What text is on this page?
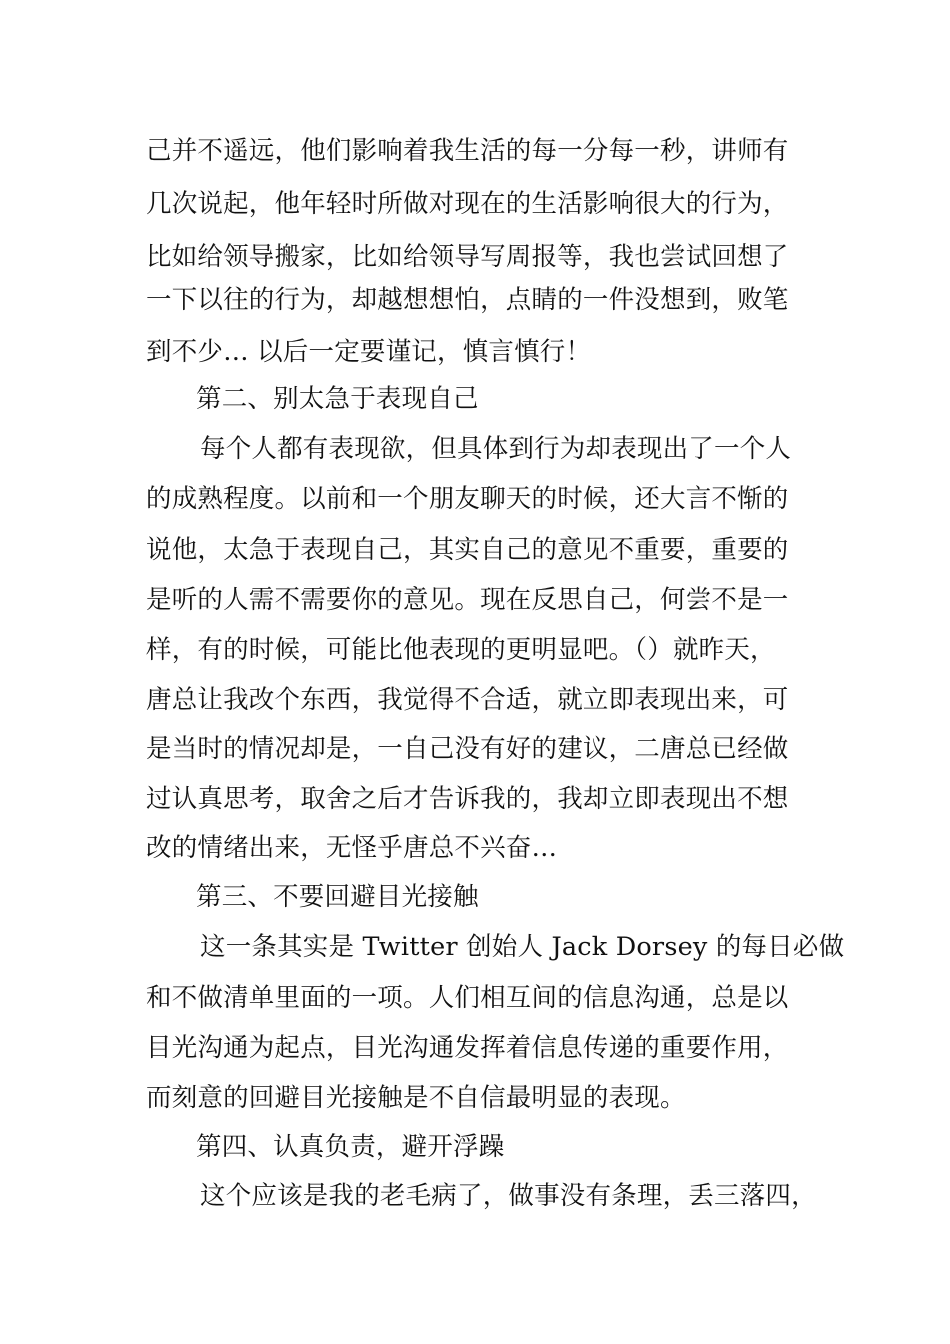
己并不遥远，他们影响着我生活的每一分每一秒，讲师有
几次说起，他年轻时所做对现在的生活影响很大的行为，
比如给领导搬家，比如给领导写周报等，我也尝试回想了
一下以往的行为，却越想想怕，点睛的一件没想到，败笔
到不少… 以后一定要谨记，慎言慎行！
第二、别太急于表现自己
每个人都有表现欲，但具体到行为却表现出了一个人
的成熟程度。以前和一个朋友聊天的时候，还大言不惭的
说他，太急于表现自己，其实自己的意见不重要，重要的
是听的人需不需要你的意见。现在反思自己，何尝不是一
样，有的时候，可能比他表现的更明显吧。（）就昨天，
唐总让我改个东西，我觉得不合适，就立即表现出来，可
是当时的情况却是，一自己没有好的建议，二唐总已经做
过认真思考，取舍之后才告诉我的，我却立即表现出不想
改的情绪出来，无怪乎唐总不兴奋…
第三、不要回避目光接触
这一条其实是 Twitter 创始人 Jack Dorsey 的每日必做
和不做清单里面的一项。人们相互间的信息沟通，总是以
目光沟通为起点，目光沟通发挥着信息传递的重要作用，
而刻意的回避目光接触是不自信最明显的表现。
第四、认真负责，避开浮躁
这个应该是我的老毛病了，做事没有条理，丢三落四，
